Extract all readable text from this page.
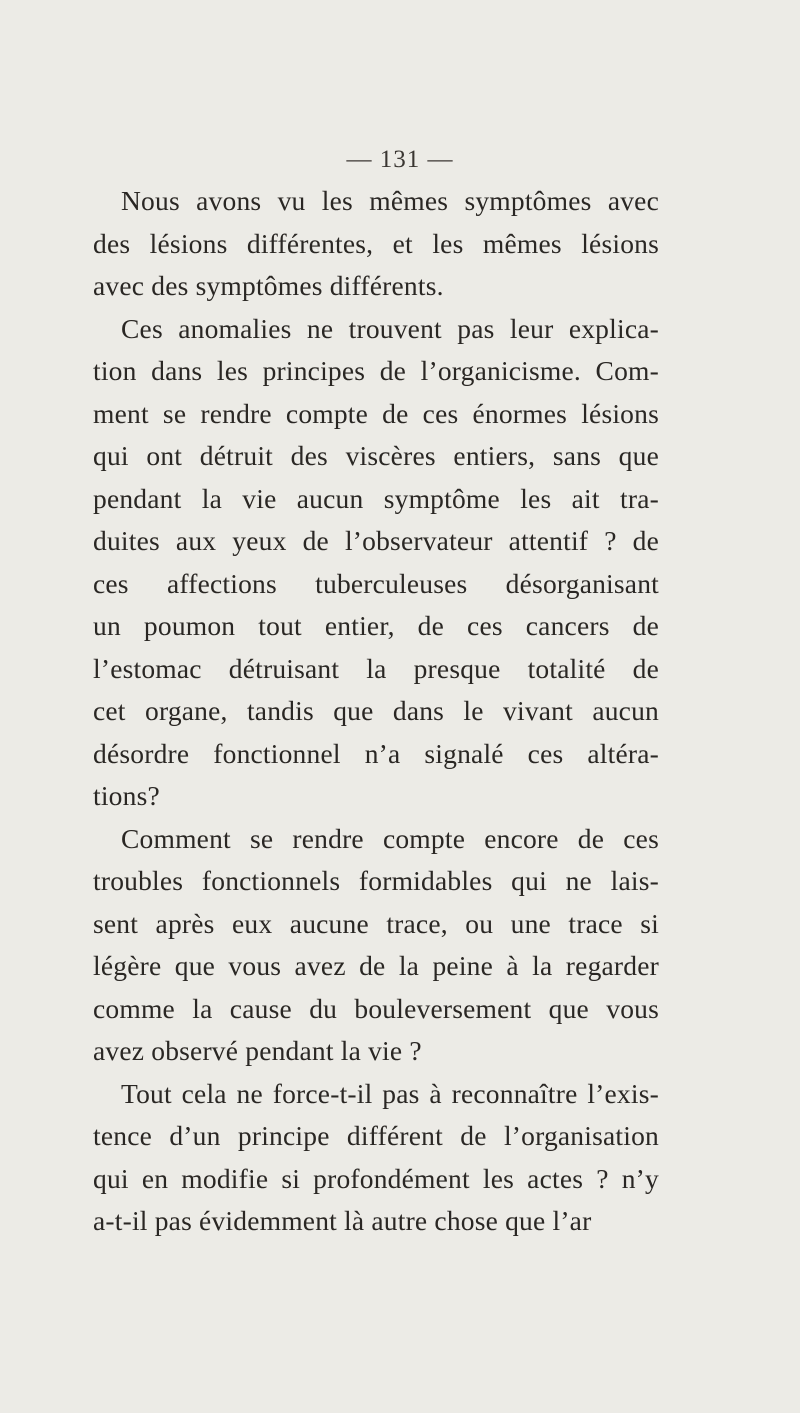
— 131 —
Nous avons vu les mêmes symptômes avec
des lésions différentes, et les mêmes lésions
avec des symptômes différents.
Ces anomalies ne trouvent pas leur explica-
tion dans les principes de l’organicisme. Com-
ment se rendre compte de ces énormes lésions
qui ont détruit des viscères entiers, sans que
pendant la vie aucun symptôme les ait tra-
duites aux yeux de l’observateur attentif ? de
ces affections tuberculeuses désorganisant
un poumon tout entier, de ces cancers de
l’estomac détruisant la presque totalité de
cet organe, tandis que dans le vivant aucun
désordre fonctionnel n’a signalé ces altéra-
tions?
Comment se rendre compte encore de ces
troubles fonctionnels formidables qui ne lais-
sent après eux aucune trace, ou une trace si
légère que vous avez de la peine à la regarder
comme la cause du bouleversement que vous
avez observé pendant la vie ?
Tout cela ne force-t-il pas à reconnaître l’exis-
tence d’un principe différent de l’organisation
qui en modifie si profondément les actes ? n’y
a-t-il pas évidemment là autre chose que l’ar
